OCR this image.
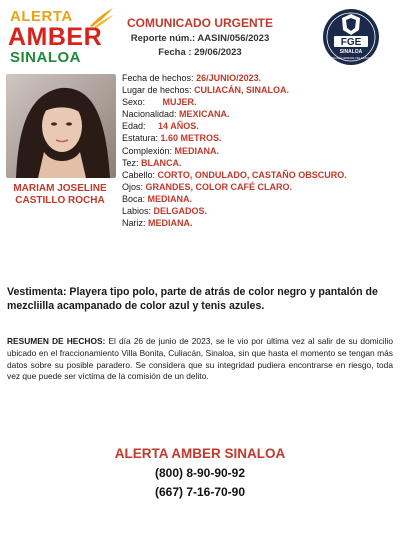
ALERTA
AMBER
SINALOA
COMUNICADO URGENTE
Reporte núm.: AASIN/056/2023
Fecha : 29/06/2023
FGE
SINALOA
FISCALÍA GENERAL DEL ESTADO
MARIAM JOSELINE
CASTILLO ROCHA
Fecha de hechos: 26/JUNIO/2023.
Lugar de hechos: CULIACÁN, SINALOA.
Sexo:       MUJER.
Nacionalidad: MEXICANA.
Edad:     14 AÑOS.
Estatura: 1.60 METROS.
Complexión: MEDIANA.
Tez: BLANCA.
Cabello: CORTO, ONDULADO, CASTAÑO OBSCURO.
Ojos: GRANDES, COLOR CAFÉ CLARO.
Boca: MEDIANA.
Labios: DELGADOS.
Nariz: MEDIANA.
Vestimenta: Playera tipo polo, parte de atrás de color negro y pantalón de mezcliilla acampanado de color azul y tenis azules.
RESUMEN DE HECHOS: El día 26 de junio de 2023, se le vio por última vez al salir de su domicilio ubicado en el fraccionamiento Villa Bonita, Culiacán, Sinaloa, sin que hasta el momento se tengan más datos sobre su posible paradero. Se considera que su integridad pudiera encontrarse en riesgo, toda vez que puede ser víctima de la comisión de un delito.
ALERTA AMBER SINALOA
(800) 8-90-90-92
(667) 7-16-70-90
